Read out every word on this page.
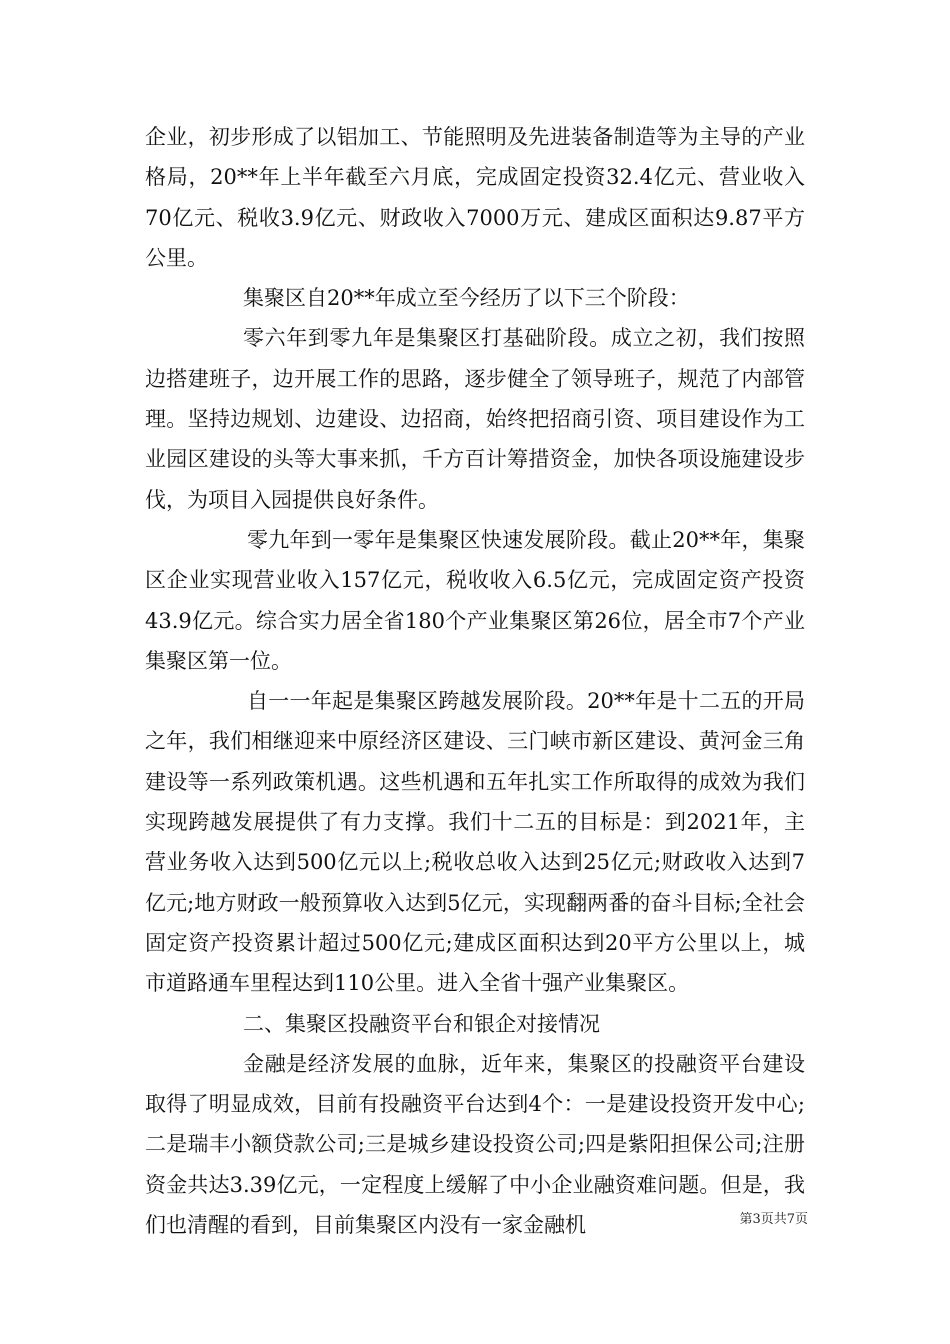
企业，初步形成了以铝加工、节能照明及先进装备制造等为主导的产业格局，20**年上半年截至六月底，完成固定投资32.4亿元、营业收入70亿元、税收3.9亿元、财政收入7000万元、建成区面积达9.87平方公里。

集聚区自20**年成立至今经历了以下三个阶段：

零六年到零九年是集聚区打基础阶段。成立之初，我们按照边搭建班子，边开展工作的思路，逐步健全了领导班子，规范了内部管理。坚持边规划、边建设、边招商，始终把招商引资、项目建设作为工业园区建设的头等大事来抓，千方百计筹措资金，加快各项设施建设步伐，为项目入园提供良好条件。

零九年到一零年是集聚区快速发展阶段。截止20**年，集聚区企业实现营业收入157亿元，税收收入6.5亿元，完成固定资产投资43.9亿元。综合实力居全省180个产业集聚区第26位，居全市7个产业集聚区第一位。

自一一年起是集聚区跨越发展阶段。20**年是十二五的开局之年，我们相继迎来中原经济区建设、三门峡市新区建设、黄河金三角建设等一系列政策机遇。这些机遇和五年扎实工作所取得的成效为我们实现跨越发展提供了有力支撑。我们十二五的目标是：到2021年，主营业务收入达到500亿元以上;税收总收入达到25亿元;财政收入达到7亿元;地方财政一般预算收入达到5亿元，实现翻两番的奋斗目标;全社会固定资产投资累计超过500亿元;建成区面积达到20平方公里以上，城市道路通车里程达到110公里。进入全省十强产业集聚区。

二、集聚区投融资平台和银企对接情况

金融是经济发展的血脉，近年来，集聚区的投融资平台建设取得了明显成效，目前有投融资平台达到4个：一是建设投资开发中心;二是瑞丰小额贷款公司;三是城乡建设投资公司;四是紫阳担保公司;注册资金共达3.39亿元，一定程度上缓解了中小企业融资难问题。但是，我们也清醒的看到，目前集聚区内没有一家金融机	第3页共7页
